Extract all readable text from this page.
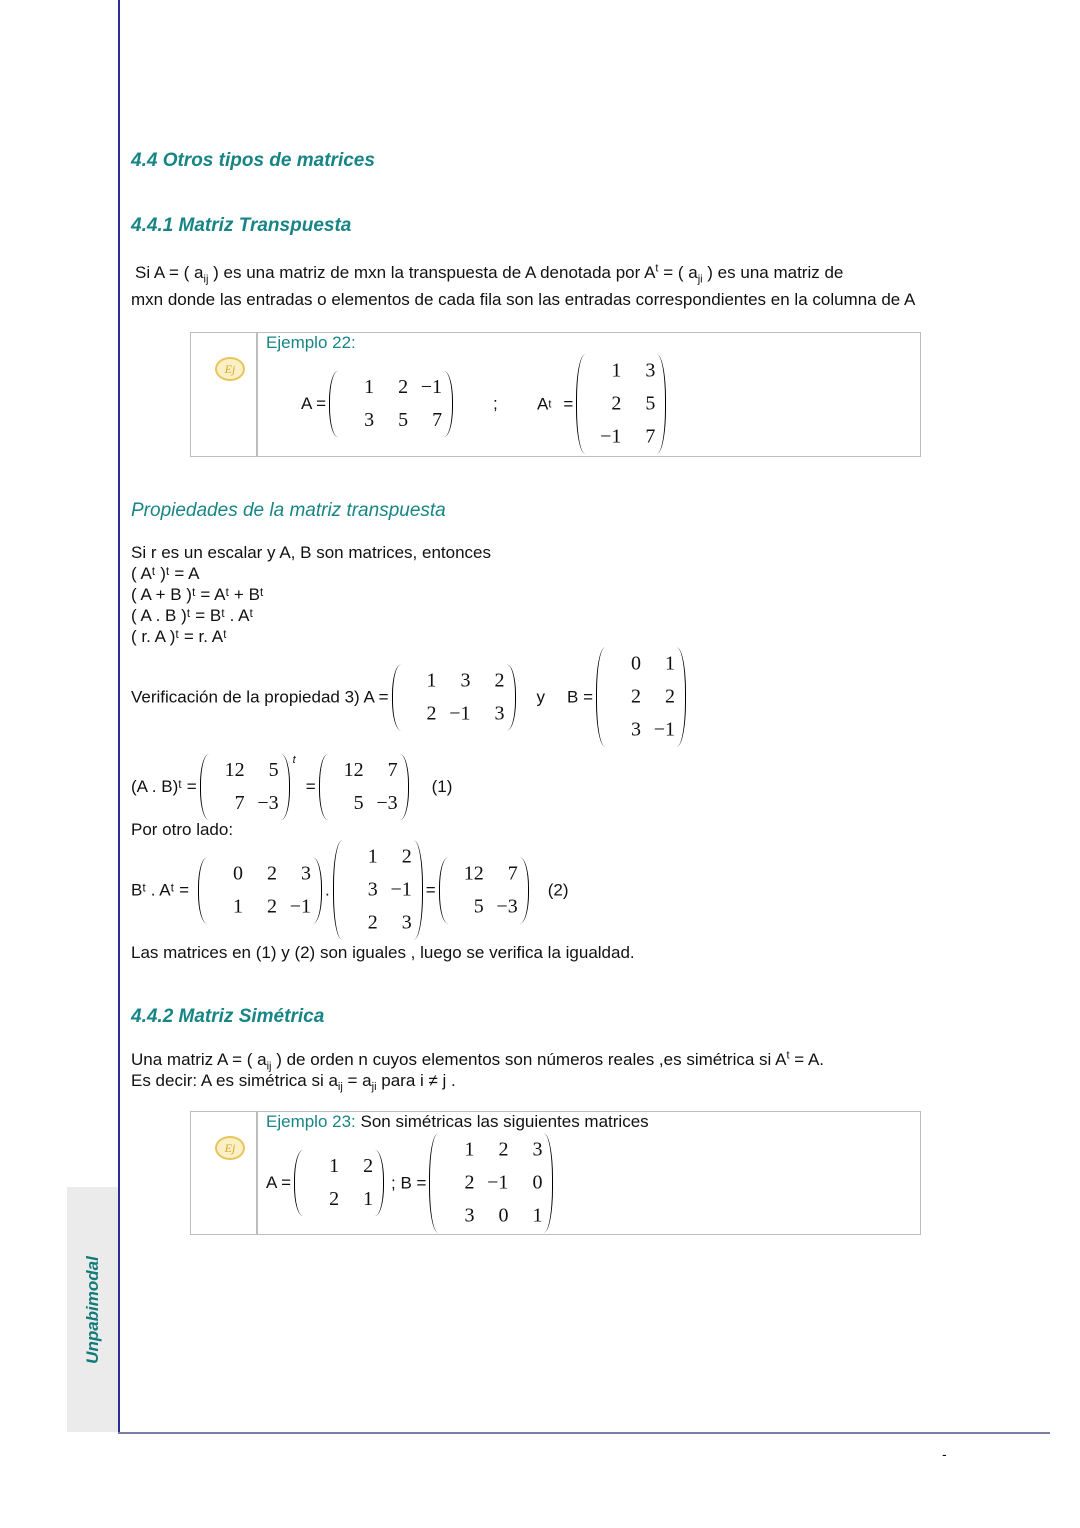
Unpabimodal
4.4 Otros tipos de matrices
4.4.1 Matriz Transpuesta
Si A = ( $a_{ij}$ ) es una matriz de mxn la transpuesta de A denotada por $A^t$ = ( $a_{ji}$ ) es una matriz de
mxn donde las entradas o elementos de cada fila son las entradas correspondientes en la columna de A
Ej
Ejemplo 22:
A =
1	2 −1
3	5	7
; A t =
1	3
2	5
−1	7
Propiedades de la matriz transpuesta
Si r es un escalar y A, B son matrices, entonces
( Aᵗ )ᵗ = A
( A + B )ᵗ = Aᵗ + Bᵗ
( A . B )ᵗ = Bᵗ . Aᵗ
( r. A )ᵗ = r. Aᵗ
Verificación de la propiedad 3) A =
1	3	2
2 −1	3
y B =
0	1
2	2
3 −1
(A . B)ᵗ =
12	5
7 −3
$^t$
=
12	7
5 −3
(1)
Por otro lado:
Bᵗ . Aᵗ =
0	2	3
1	2 −1
.
1	2
3 −1
2	3
=
12	7
5 −3
(2)
Las matrices en (1) y (2) son iguales , luego se verifica la igualdad.
4.4.2 Matriz Simétrica
Una matriz A = ( $a_{ij}$ ) de orden n cuyos elementos son números reales ,es simétrica si $A^t = A$.
Es decir: A es simétrica si $a_{ij} = a_{ji}$ para i ≠ j .
Ej
Ejemplo 23: Son simétricas las siguientes matrices
A =
1	2
2	1
; B =
1	2	3
2 −1	0
3	0	1
-
